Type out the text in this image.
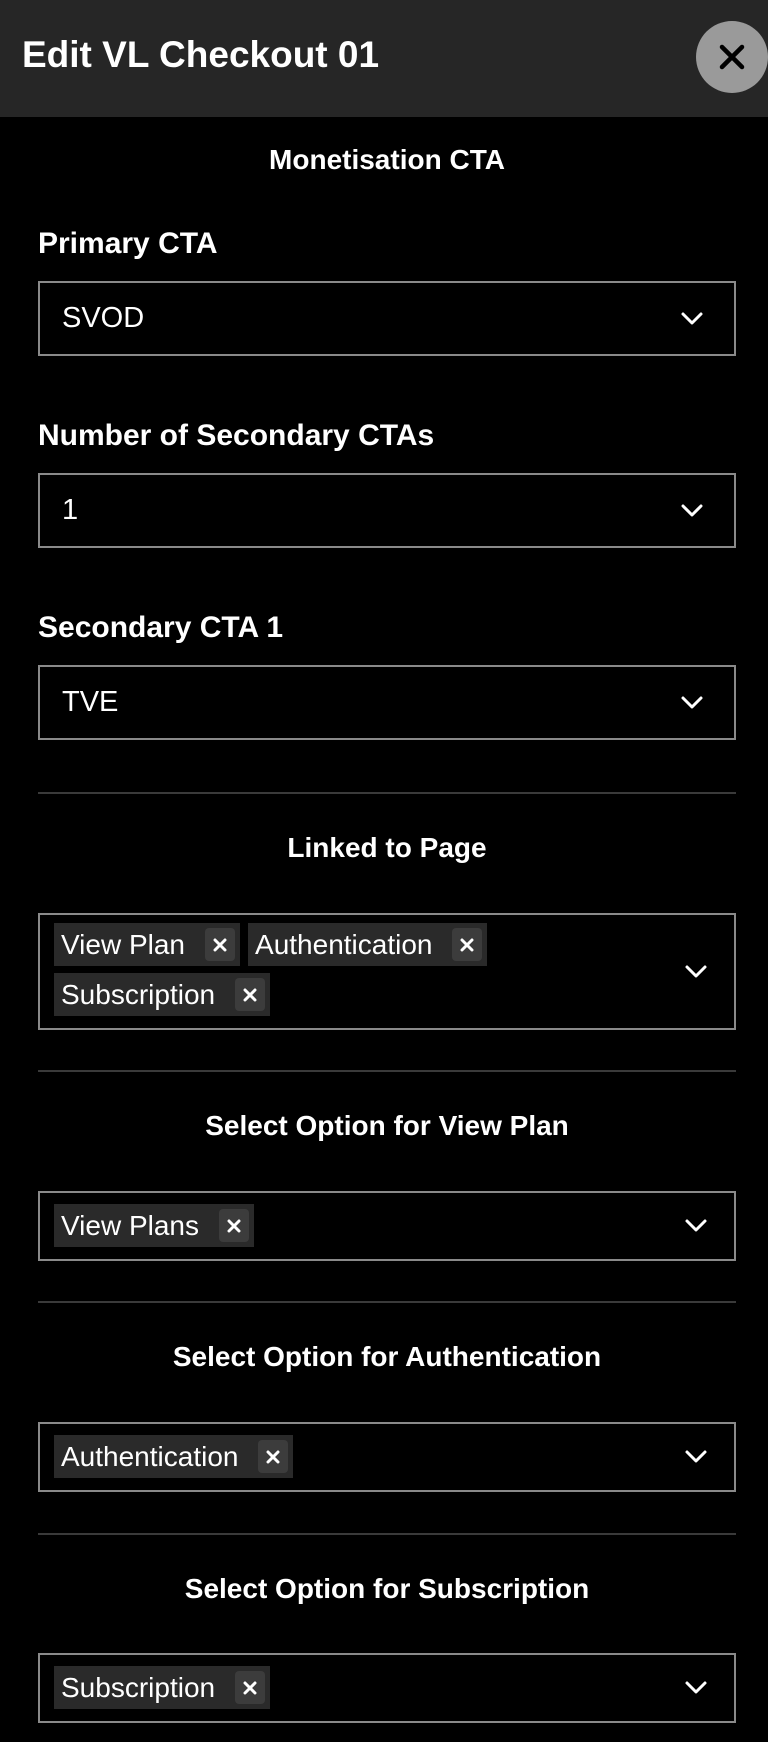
Edit VL Checkout 01
Monetisation CTA
Primary CTA
SVOD
Number of Secondary CTAs
1
Secondary CTA 1
TVE
Linked to Page
View Plan	Authentication
Subscription
Select Option for View Plan
View Plans
Select Option for Authentication
Authentication
Select Option for Subscription
Subscription
